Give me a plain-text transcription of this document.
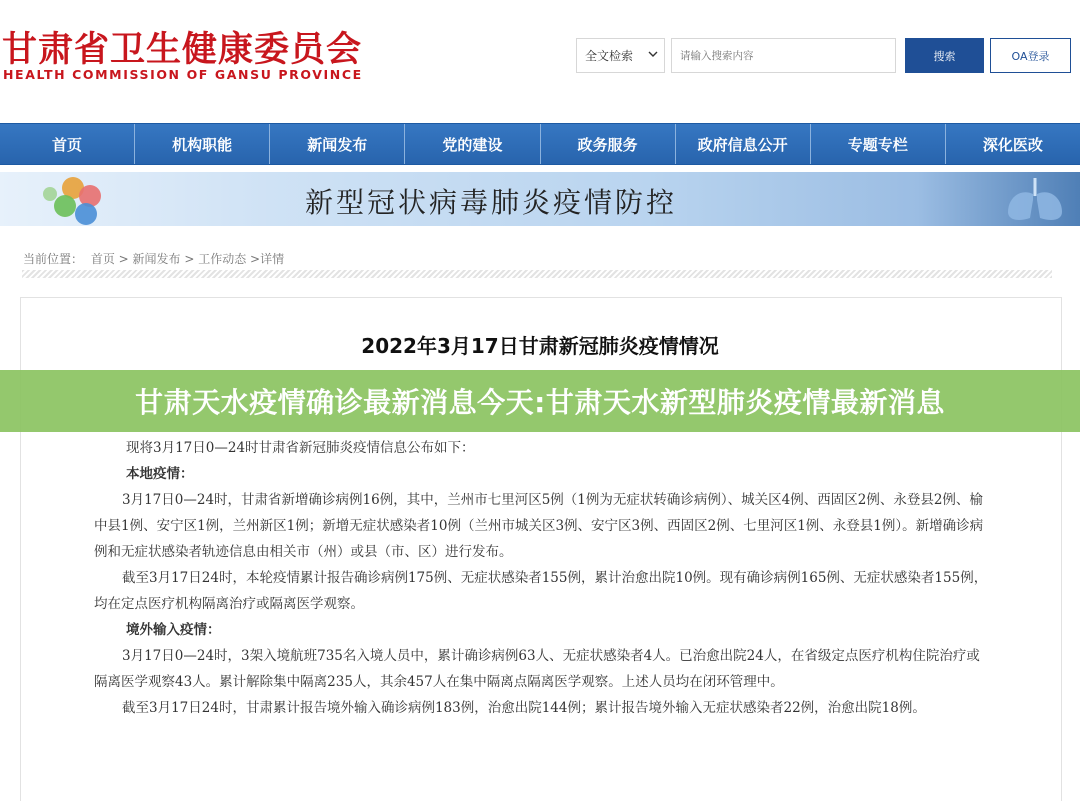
甘肃省卫生健康委员会
HEALTH COMMISSION OF GANSU PROVINCE
全文检索
请输入搜索内容	搜索	OA登录
首页	机构职能	新闻发布	党的建设	政务服务	政府信息公开	专题专栏	深化医改
新型冠状病毒肺炎疫情防控
当前位置： 首页 > 新闻发布 > 工作动态 >详情
2022年3月17日甘肃新冠肺炎疫情情况
甘肃天水疫情确诊最新消息今天:甘肃天水新型肺炎疫情最新消息
现将3月17日0—24时甘肃省新冠肺炎疫情信息公布如下：
本地疫情：
3月17日0—24时，甘肃省新增确诊病例16例，其中，兰州市七里河区5例（1例为无症状转确诊病例）、城关区4例、西固区2例、永登县2例、榆中县1例、安宁区1例，兰州新区1例；新增无症状感染者10例（兰州市城关区3例、安宁区3例、西固区2例、七里河区1例、永登县1例）。新增确诊病例和无症状感染者轨迹信息由相关市（州）或县（市、区）进行发布。
截至3月17日24时，本轮疫情累计报告确诊病例175例、无症状感染者155例，累计治愈出院10例。现有确诊病例165例、无症状感染者155例，均在定点医疗机构隔离治疗或隔离医学观察。
境外输入疫情：
3月17日0—24时，3架入境航班735名入境人员中，累计确诊病例63人、无症状感染者4人。已治愈出院24人，在省级定点医疗机构住院治疗或隔离医学观察43人。累计解除集中隔离235人，其余457人在集中隔离点隔离医学观察。上述人员均在闭环管理中。
截至3月17日24时，甘肃累计报告境外输入确诊病例183例，治愈出院144例；累计报告境外输入无症状感染者22例，治愈出院18例。
